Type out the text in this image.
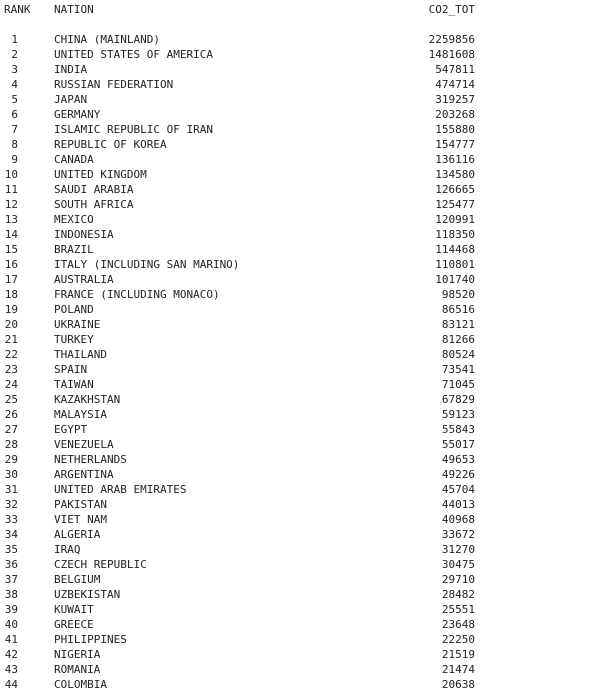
RANK NATION	CO2_TOT
1	CHINA (MAINLAND)	2259856
2	UNITED STATES OF AMERICA	1481608
3	INDIA	547811
4	RUSSIAN FEDERATION	474714
5	JAPAN	319257
6	GERMANY	203268
7	ISLAMIC REPUBLIC OF IRAN	155880
8	REPUBLIC OF KOREA	154777
9	CANADA	136116
10	UNITED KINGDOM	134580
11	SAUDI ARABIA	126665
12	SOUTH AFRICA	125477
13	MEXICO	120991
14	INDONESIA	118350
15	BRAZIL	114468
16	ITALY (INCLUDING SAN MARINO)	110801
17	AUSTRALIA	101740
18	FRANCE (INCLUDING MONACO)	98520
19	POLAND	86516
20	UKRAINE	83121
21	TURKEY	81266
22	THAILAND	80524
23	SPAIN	73541
24	TAIWAN	71045
25	KAZAKHSTAN	67829
26	MALAYSIA	59123
27	EGYPT	55843
28	VENEZUELA	55017
29	NETHERLANDS	49653
30	ARGENTINA	49226
31	UNITED ARAB EMIRATES	45704
32	PAKISTAN	44013
33	VIET NAM	40968
34	ALGERIA	33672
35	IRAQ	31270
36	CZECH REPUBLIC	30475
37	BELGIUM	29710
38	UZBEKISTAN	28482
39	KUWAIT	25551
40	GREECE	23648
41	PHILIPPINES	22250
42	NIGERIA	21519
43	ROMANIA	21474
44	COLOMBIA	20638
